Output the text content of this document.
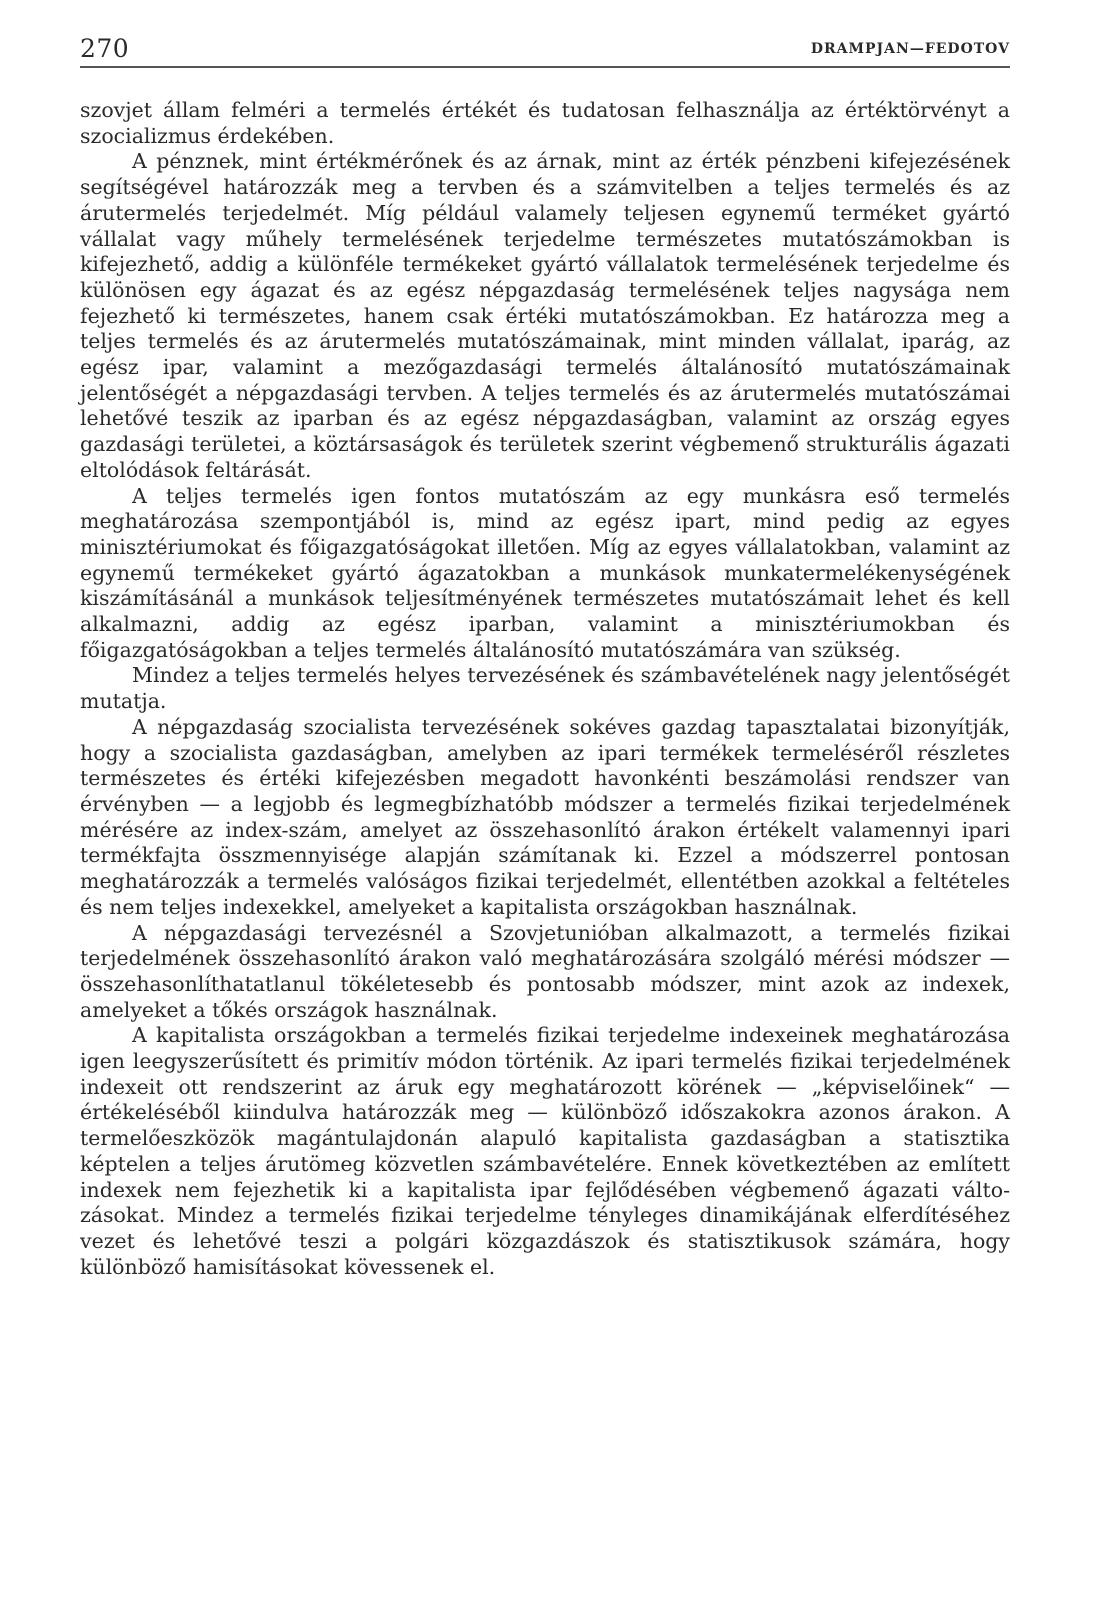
270	DRAMPJAN—FEDOTOV

szovjet állam felméri a termelés értékét és tudatosan felhasználja az értéktörvényt a szocializmus érdekében.

A pénznek, mint értékmérőnek és az árnak, mint az érték pénzbeni kifejezésének segítségével határozzák meg a tervben és a számvitelben a teljes termelés és az árutermelés terjedelmét. Míg például valamely teljesen egynemű terméket gyártó vállalat vagy műhely termelésének terjedelme természetes mutatószámokban is kifejezhető, addig a különféle termékeket gyártó vállalatok termelésének terjedelme és különösen egy ágazat és az egész népgazdaság termelésének teljes nagysága nem fejezhető ki természetes, hanem csak értéki mutatószámokban. Ez határozza meg a teljes termelés és az árutermelés mutatószámainak, mint minden vállalat, iparág, az egész ipar, valamint a mezőgazdasági termelés általánosító mutatószámainak jelentőségét a népgazdasági tervben. A teljes termelés és az árutermelés mutatószámai lehetővé teszik az iparban és az egész népgazdaságban, valamint az ország egyes gazdasági területei, a köztársaságok és területek szerint végbemenő strukturális ágazati eltolódások feltárását.

A teljes termelés igen fontos mutatószám az egy munkásra eső termelés meghatározása szempontjából is, mind az egész ipart, mind pedig az egyes minisztériumokat és főigazgatóságokat illetően. Míg az egyes vállalatokban, valamint az egynemű termékeket gyártó ágazatokban a munkások munkatermelékenységének kiszámításánál a munkások teljesítményének természetes mutatószámait lehet és kell alkalmazni, addig az egész iparban, valamint a minisztériumokban és főigazgatóságokban a teljes termelés általánosító mutatószámára van szükség.

Mindez a teljes termelés helyes tervezésének és számbavételének nagy jelentőségét mutatja.

A népgazdaság szocialista tervezésének sokéves gazdag tapasztalatai bizonyítják, hogy a szocialista gazdaságban, amelyben az ipari termékek termeléséről részletes természetes és értéki kifejezésben megadott havonkénti beszámolási rendszer van érvényben — a legjobb és legmegbízhatóbb módszer a termelés fizikai terjedelmének mérésére az index-szám, amelyet az összehasonlító árakon értékelt valamennyi ipari termékfajta összmennyisége alapján számítanak ki. Ezzel a módszerrel pontosan meghatározzák a termelés valóságos fizikai terjedelmét, ellentétben azokkal a feltételes és nem teljes indexekkel, amelyeket a kapitalista országokban használnak.

A népgazdasági tervezésnél a Szovjetunióban alkalmazott, a termelés fizikai terjedelmének összehasonlító árakon való meghatározására szolgáló mérési módszer — összehasonlíthatatlanul tökéletesebb és pontosabb módszer, mint azok az indexek, amelyeket a tőkés országok használnak.

A kapitalista országokban a termelés fizikai terjedelme indexeinek meghatározása igen leegyszerűsített és primitív módon történik. Az ipari termelés fizikai terjedelmének indexeit ott rendszerint az áruk egy meghatározott körének — „képviselőinek“ — értékeléséből kiindulva határozzák meg — különböző időszakokra azonos árakon. A termelőeszközök magántulajdonán alapuló kapitalista gazdaságban a statisztika képtelen a teljes árutömeg közvetlen számbavételére. Ennek következtében az említett indexek nem fejezhetik ki a kapitalista ipar fejlődésében végbemenő ágazati változásokat. Mindez a termelés fizikai terjedelme tényleges dinamikájának elferdítéséhez vezet és lehetővé teszi a polgári közgazdászok és statisztikusok számára, hogy különböző hamisításokat kövessenek el.
